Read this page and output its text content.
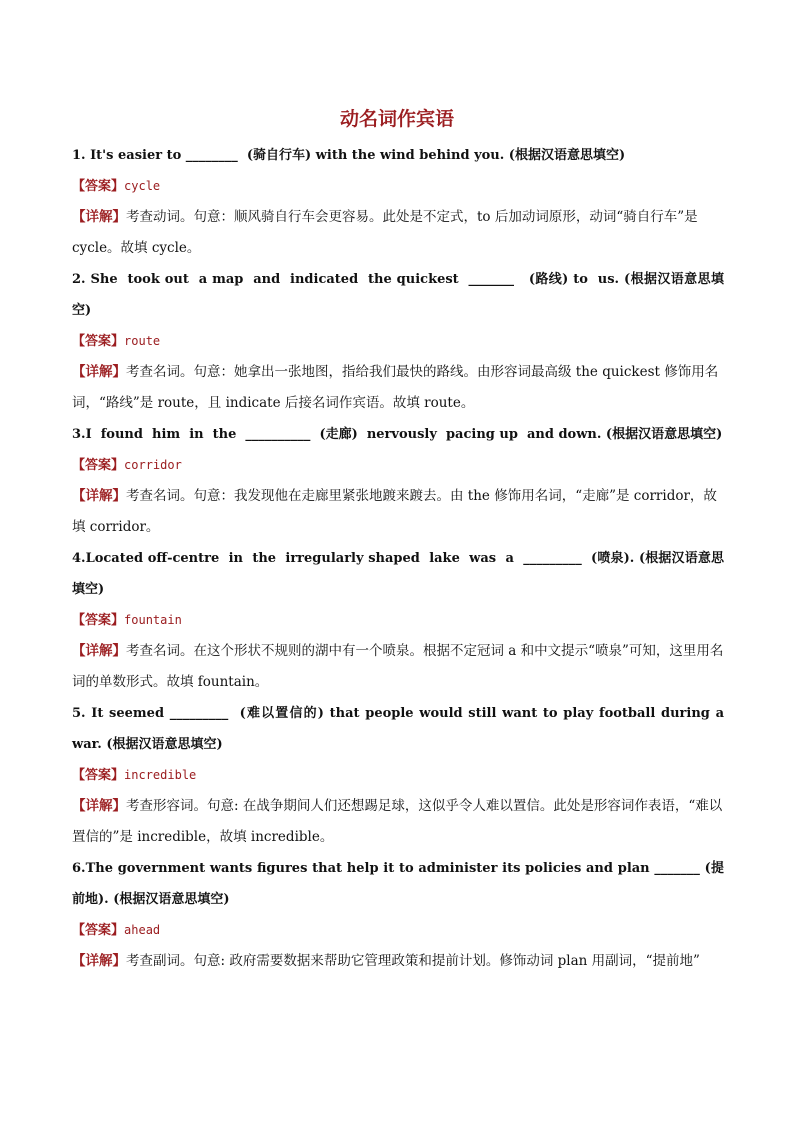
动名词作宾语
1. It's easier to ________  (骑自行车) with the wind behind you. (根据汉语意思填空)
【答案】cycle
【详解】考查动词。句意：顺风骑自行车会更容易。此处是不定式，to 后加动词原形，动词“骑自行车”是 cycle。故填 cycle。
2. She  took out  a map  and  indicated  the quickest  _______   (路线) to  us. (根据汉语意思填空)
【答案】route
【详解】考查名词。句意：她拿出一张地图，指给我们最快的路线。由形容词最高级 the quickest 修饰用名词，“路线”是 route，且 indicate 后接名词作宾语。故填 route。
3.I  found  him  in  the  __________  (走廊)  nervously  pacing up  and down. (根据汉语意思填空)
【答案】corridor
【详解】考查名词。句意：我发现他在走廊里紧张地踱来踱去。由 the 修饰用名词，“走廊”是 corridor，故填 corridor。
4.Located off-centre  in  the  irregularly shaped  lake  was  a  _________  (喷泉). (根据汉语意思填空)
【答案】fountain
【详解】考查名词。在这个形状不规则的湖中有一个喷泉。根据不定冠词 a 和中文提示“喷泉”可知，这里用名词的单数形式。故填 fountain。
5. It seemed _________  (难以置信的) that people would still want to play football during a war. (根据汉语意思填空)
【答案】incredible
【详解】考查形容词。句意: 在战争期间人们还想踢足球，这似乎令人难以置信。此处是形容词作表语，“难以置信的”是 incredible，故填 incredible。
6.The government wants figures that help it to administer its policies and plan _______ (提前地). (根据汉语意思填空)
【答案】ahead
【详解】考查副词。句意: 政府需要数据来帮助它管理政策和提前计划。修饰动词 plan 用副词，“提前地”
